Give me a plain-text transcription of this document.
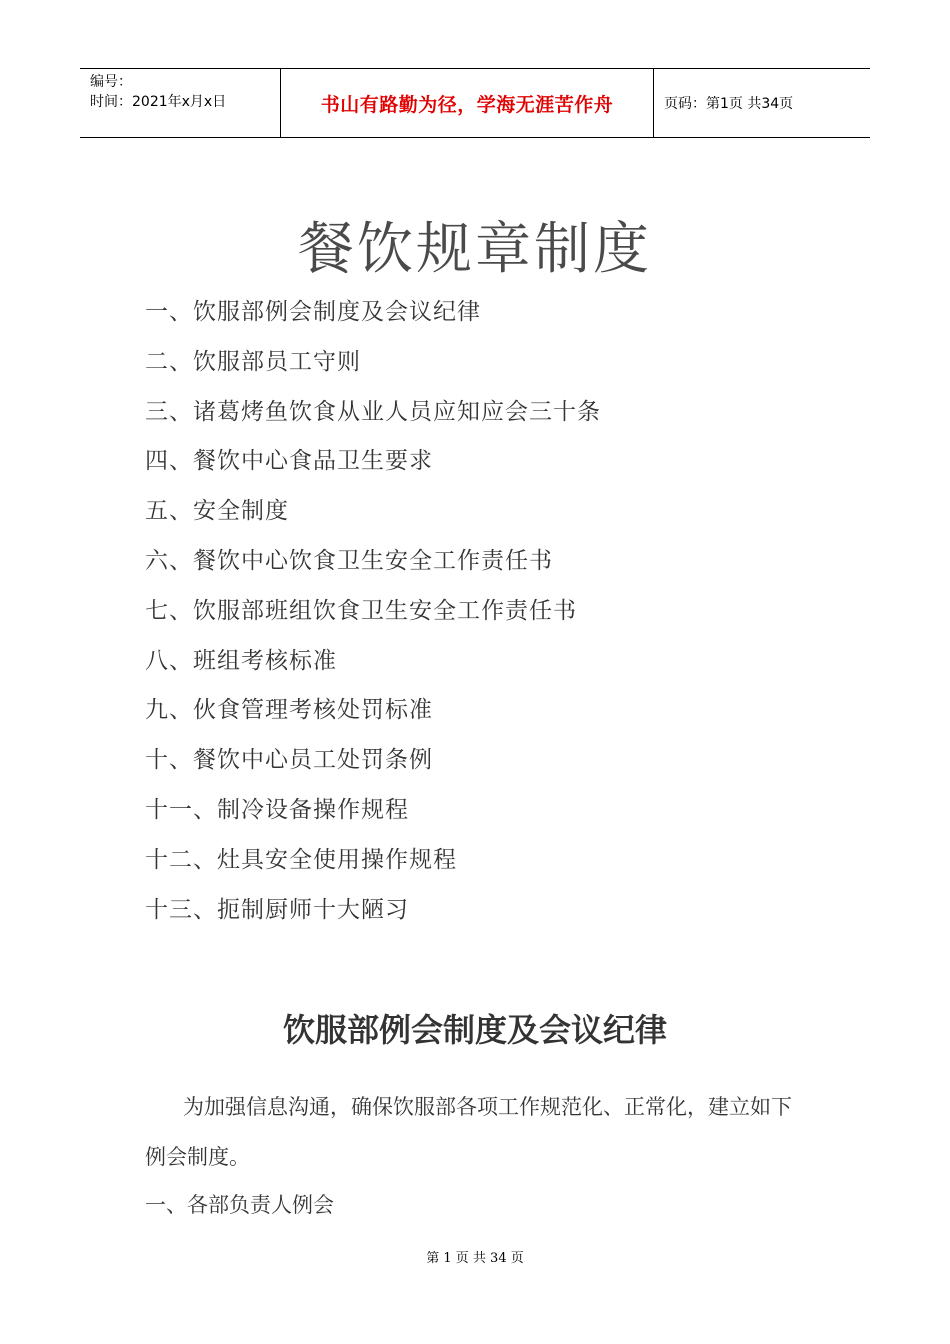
编号：
时间：2021年x月x日	书山有路勤为径，学海无涯苦作舟	页码：第1页 共34页
餐饮规章制度
一、饮服部例会制度及会议纪律
二、饮服部员工守则
三、诸葛烤鱼饮食从业人员应知应会三十条
四、餐饮中心食品卫生要求
五、安全制度
六、餐饮中心饮食卫生安全工作责任书
七、饮服部班组饮食卫生安全工作责任书
八、班组考核标准
九、伙食管理考核处罚标准
十、餐饮中心员工处罚条例
十一、制冷设备操作规程
十二、灶具安全使用操作规程
十三、扼制厨师十大陋习
饮服部例会制度及会议纪律

为加强信息沟通，确保饮服部各项工作规范化、正常化，建立如下例会制度。

一、各部负责人例会

第 1 页 共 34 页
